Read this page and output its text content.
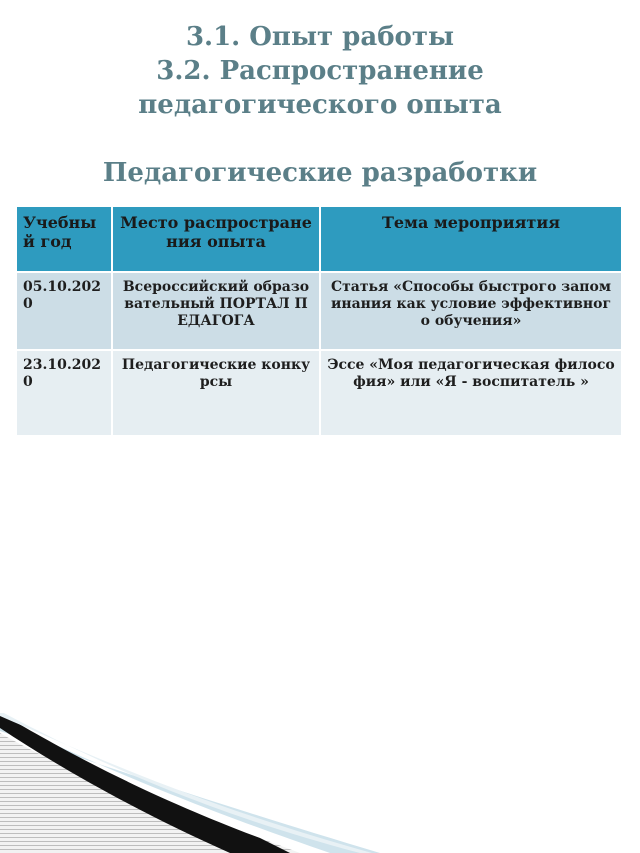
3.1. Опыт работы
3.2. Распространение
педагогического опыта
Педагогические разработки
Учебный год	Место распространения опыта	Тема мероприятия
05.10.2020	Всероссийский образовательный ПОРТАЛ ПЕДАГОГА	Статья «Способы быстрого запоминания как условие эффективного обучения»
23.10.2020	Педагогические конкурсы	Эссе «Моя педагогическая философия» или «Я - воспитатель »
